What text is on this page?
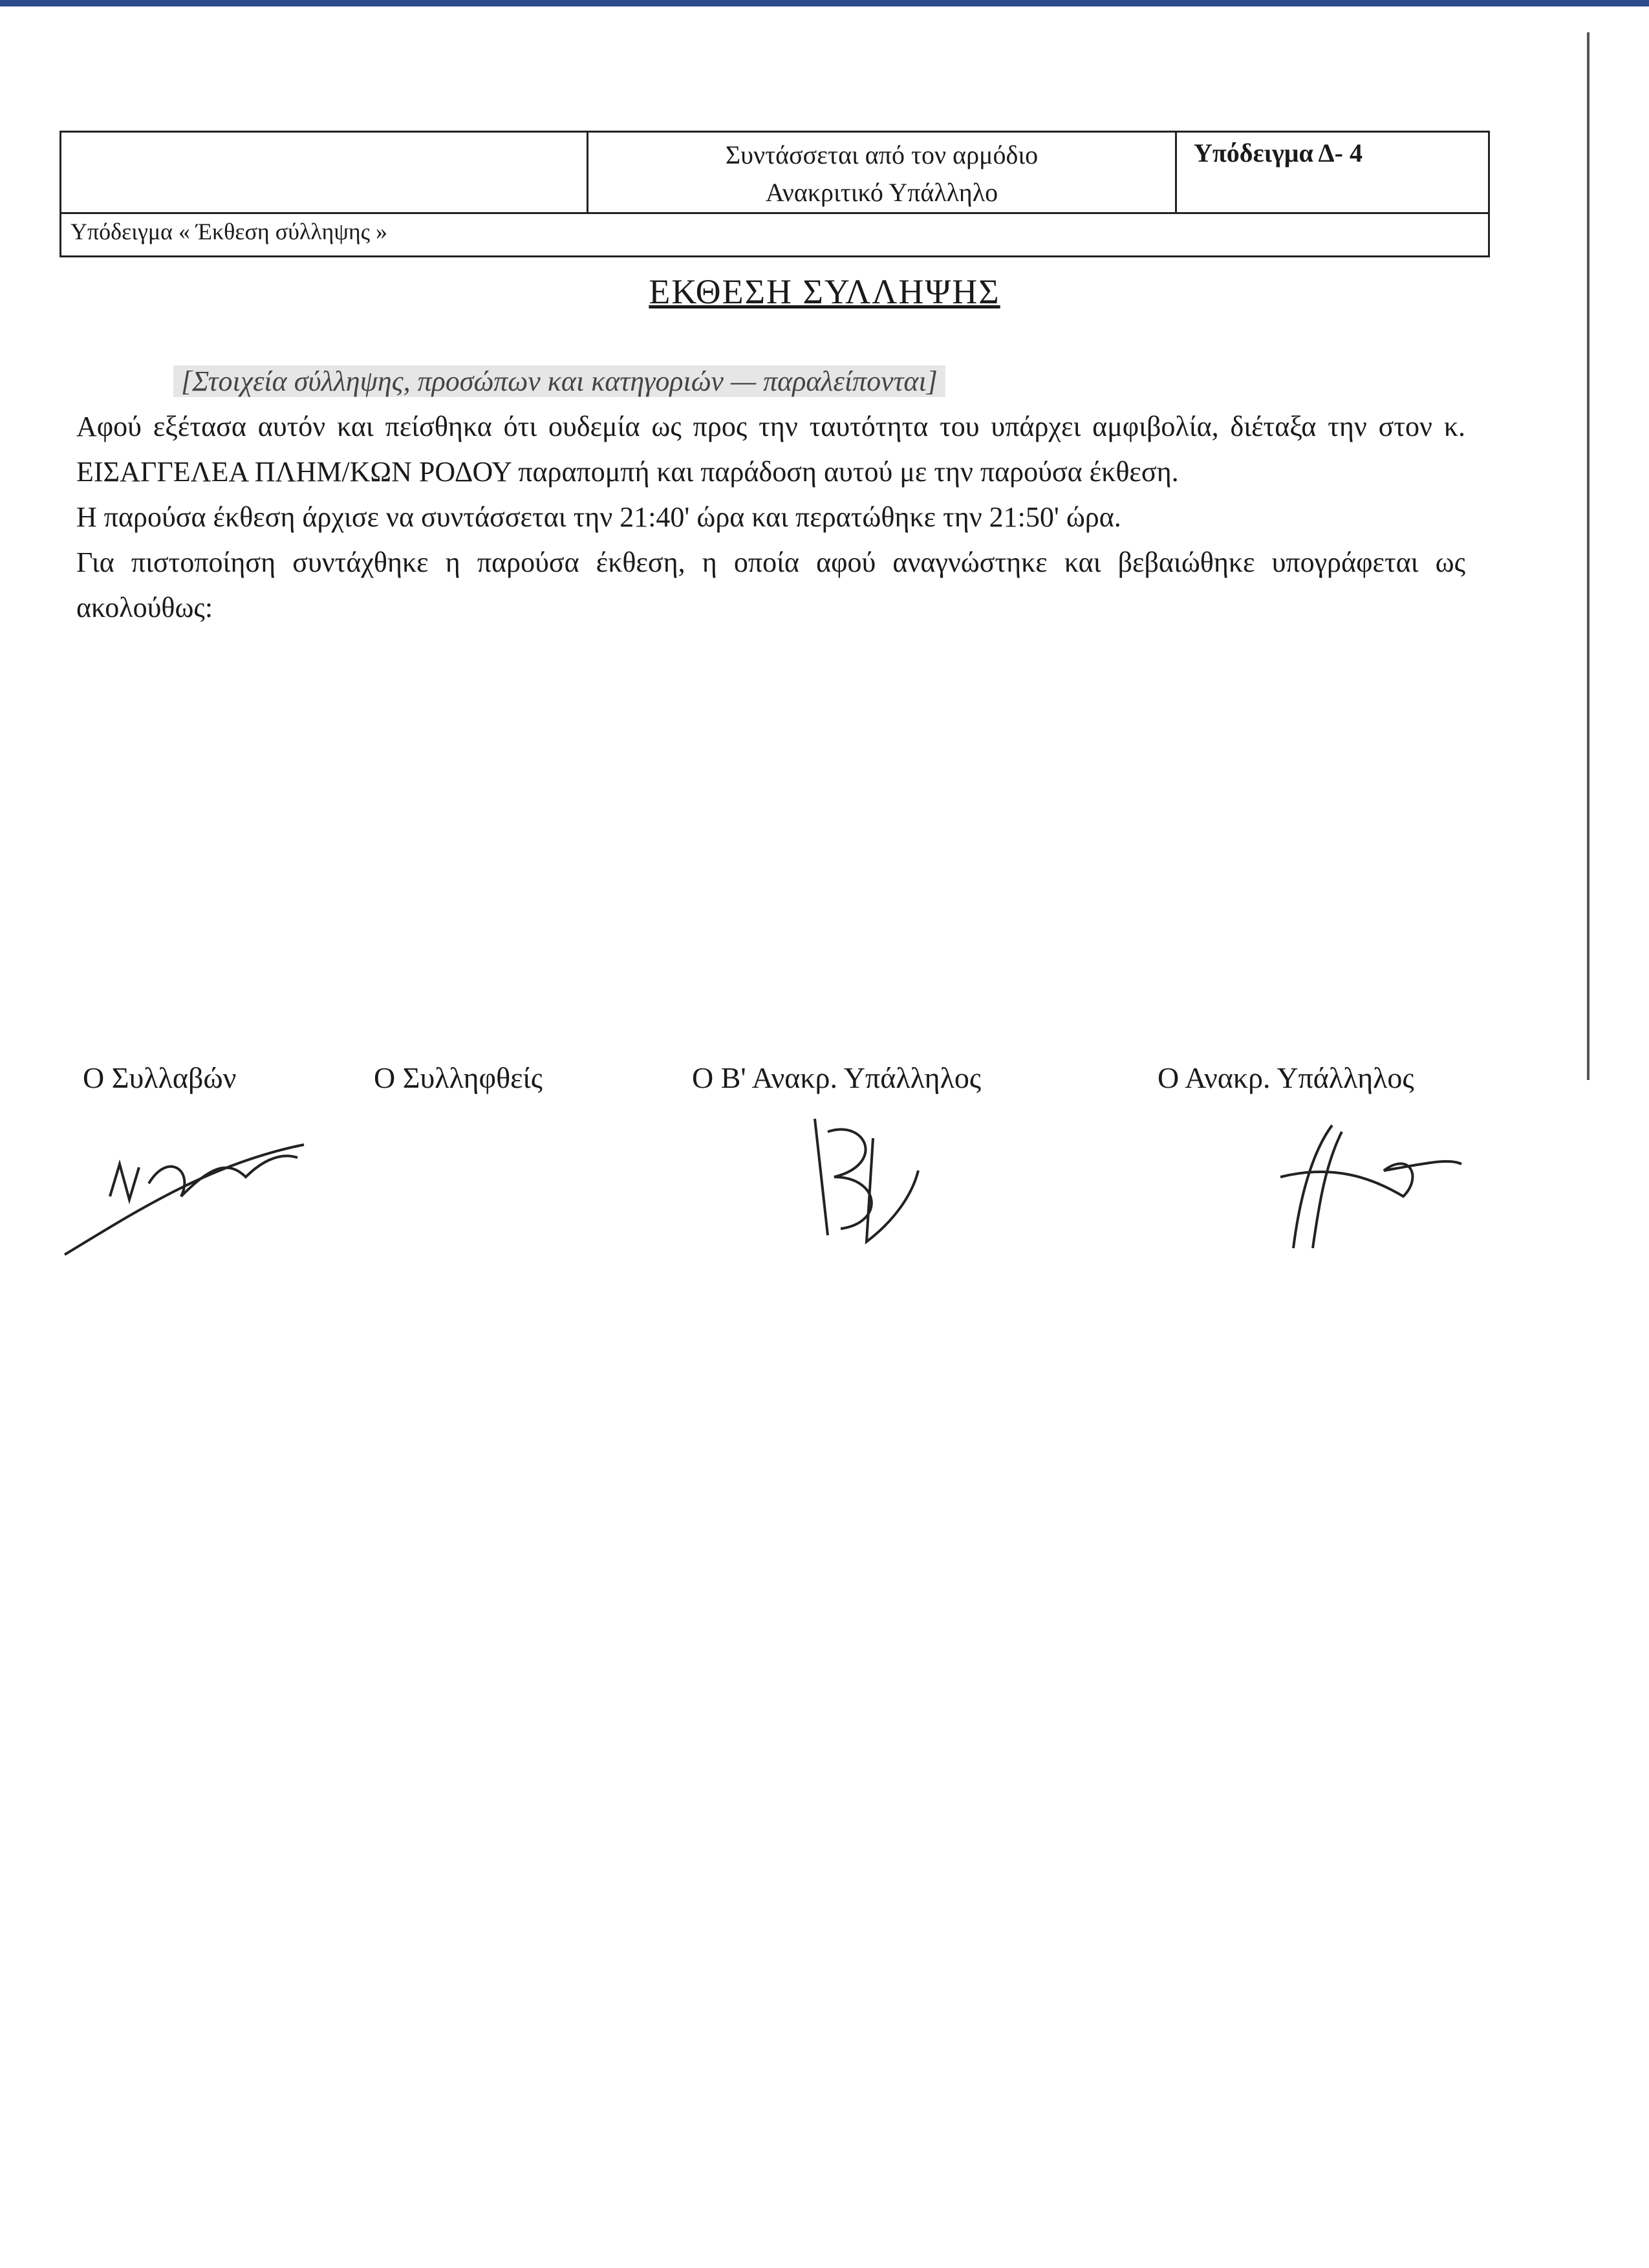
Συντάσσεται από τον αρμόδιο
Ανακριτικό Υπάλληλο
	Υπόδειγμα Δ- 4
Υπόδειγμα « Έκθεση σύλληψης »
ΕΚΘΕΣΗ ΣΥΛΛΗΨΗΣ

[Στοιχεία σύλληψης, προσώπων και κατηγοριών — παραλείπονται]

Αφού εξέτασα αυτόν και πείσθηκα ότι ουδεμία ως προς την ταυτότητα του υπάρχει αμφιβολία, διέταξα την στον κ. ΕΙΣΑΓΓΕΛΕΑ ΠΛΗΜ/ΚΩΝ ΡΟΔΟΥ παραπομπή και παράδοση αυτού με την παρούσα έκθεση.

Η παρούσα έκθεση άρχισε να συντάσσεται την 21:40' ώρα και περατώθηκε την 21:50' ώρα.

Για πιστοποίηση συντάχθηκε η παρούσα έκθεση, η οποία αφού αναγνώστηκε και βεβαιώθηκε υπογράφεται ως ακολούθως:

Ο Συλλαβών	Ο Συλληφθείς	Ο Β' Ανακρ. Υπάλληλος	Ο Ανακρ. Υπάλληλος
